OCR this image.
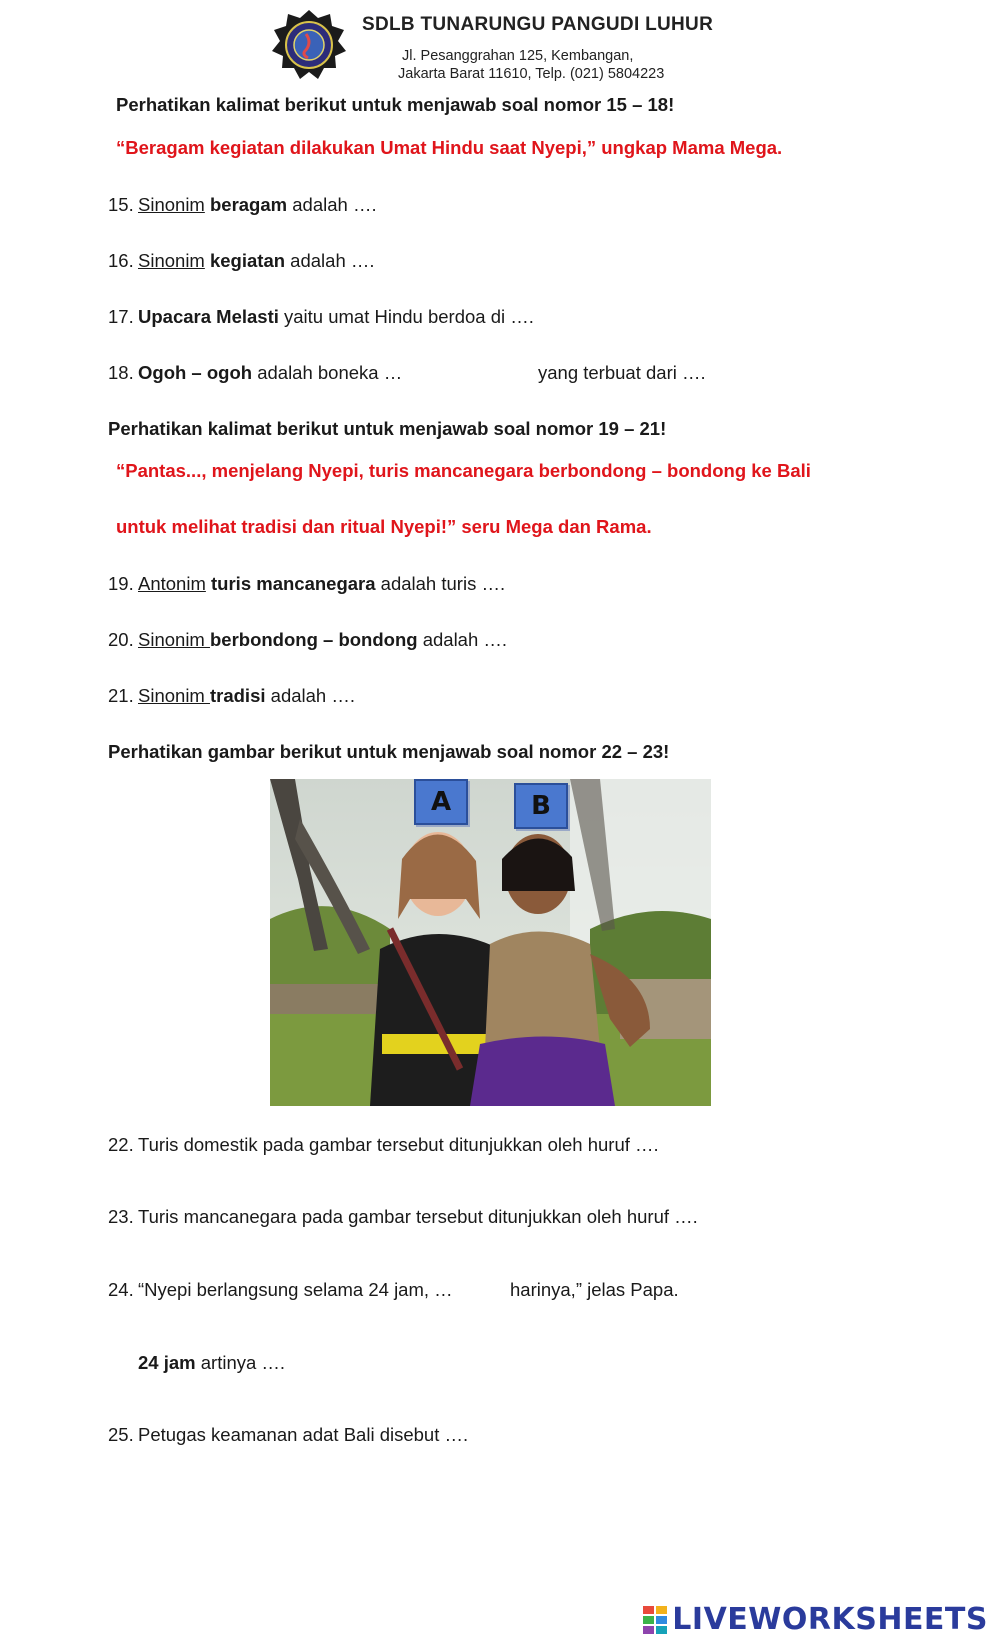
SDLB TUNARUNGU PANGUDI LUHUR
Jl. Pesanggrahan 125, Kembangan,
Jakarta Barat 11610, Telp. (021) 5804223
Perhatikan kalimat berikut untuk menjawab soal nomor 15 – 18!
“Beragam kegiatan dilakukan Umat Hindu saat Nyepi,” ungkap Mama Mega.
15. Sinonim beragam adalah ….
16. Sinonim kegiatan adalah ….
17. Upacara Melasti yaitu umat Hindu berdoa di ….
18. Ogoh – ogoh adalah boneka …	yang terbuat dari ….
Perhatikan kalimat berikut untuk menjawab soal nomor 19 – 21!
“Pantas..., menjelang Nyepi, turis mancanegara berbondong – bondong ke Bali
untuk melihat tradisi dan ritual Nyepi!” seru Mega dan Rama.
19. Antonim turis mancanegara adalah turis ….
20. Sinonim berbondong – bondong adalah ….
21. Sinonim tradisi adalah ….
Perhatikan gambar berikut untuk menjawab soal nomor 22 – 23!
A	B
22. Turis domestik pada gambar tersebut ditunjukkan oleh huruf ….
23. Turis mancanegara pada gambar tersebut ditunjukkan oleh huruf ….
24. “Nyepi berlangsung selama 24 jam, …	harinya,” jelas Papa.
24 jam artinya ….
25. Petugas keamanan adat Bali disebut ….
LIVEWORKSHEETS
